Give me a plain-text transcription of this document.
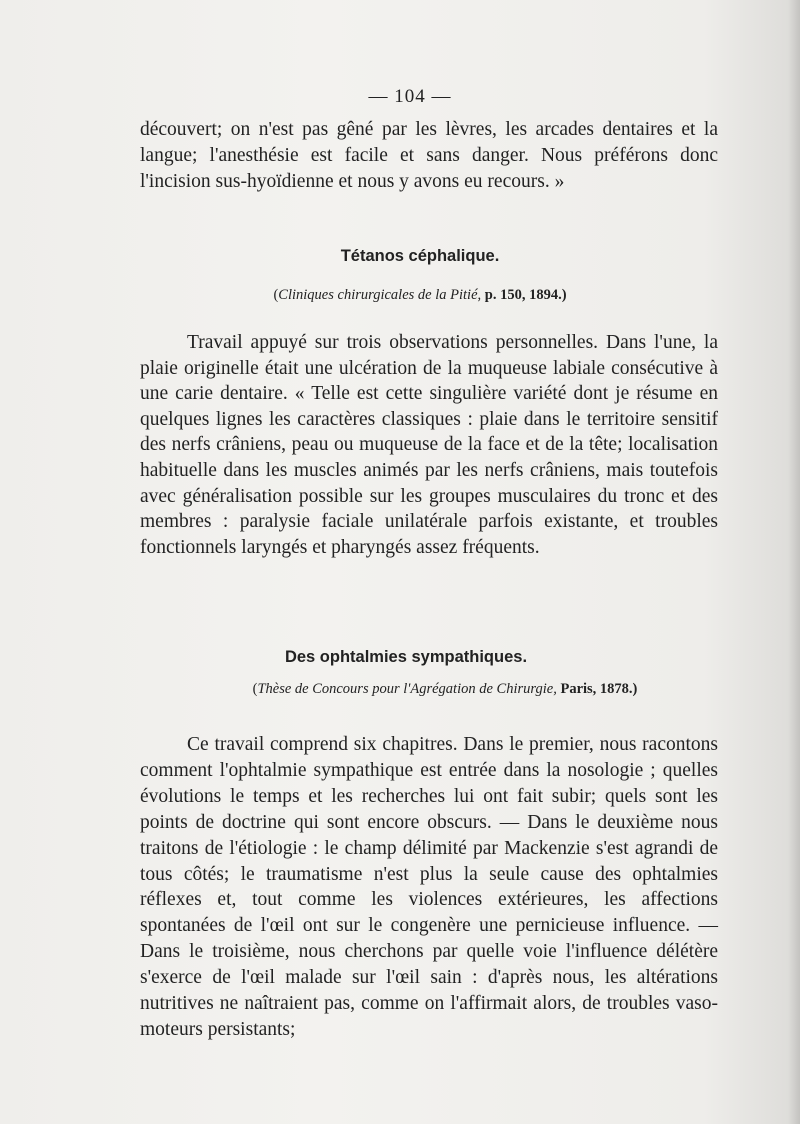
— 104 —

découvert; on n'est pas gêné par les lèvres, les arcades dentaires et la langue; l'anesthésie est facile et sans danger. Nous préférons donc l'incision sus-hyoïdienne et nous y avons eu recours. »

Tétanos céphalique.

(Cliniques chirurgicales de la Pitié, p. 150, 1894.)

Travail appuyé sur trois observations personnelles. Dans l'une, la plaie originelle était une ulcération de la muqueuse labiale consécutive à une carie dentaire. « Telle est cette singulière variété dont je résume en quelques lignes les caractères classiques : plaie dans le territoire sensitif des nerfs crâniens, peau ou muqueuse de la face et de la tête; localisation habituelle dans les muscles animés par les nerfs crâniens, mais toutefois avec généralisation possible sur les groupes musculaires du tronc et des membres : paralysie faciale unilatérale parfois existante, et troubles fonctionnels laryngés et pharyngés assez fréquents.

Des ophtalmies sympathiques.

(Thèse de Concours pour l'Agrégation de Chirurgie, Paris, 1878.)

Ce travail comprend six chapitres. Dans le premier, nous racontons comment l'ophtalmie sympathique est entrée dans la nosologie ; quelles évolutions le temps et les recherches lui ont fait subir; quels sont les points de doctrine qui sont encore obscurs. — Dans le deuxième nous traitons de l'étiologie : le champ délimité par Mackenzie s'est agrandi de tous côtés; le traumatisme n'est plus la seule cause des ophtalmies réflexes et, tout comme les violences extérieures, les affections spontanées de l'œil ont sur le congenère une pernicieuse influence. — Dans le troisième, nous cherchons par quelle voie l'influence délétère s'exerce de l'œil malade sur l'œil sain : d'après nous, les altérations nutritives ne naîtraient pas, comme on l'affirmait alors, de troubles vaso-moteurs persistants;
